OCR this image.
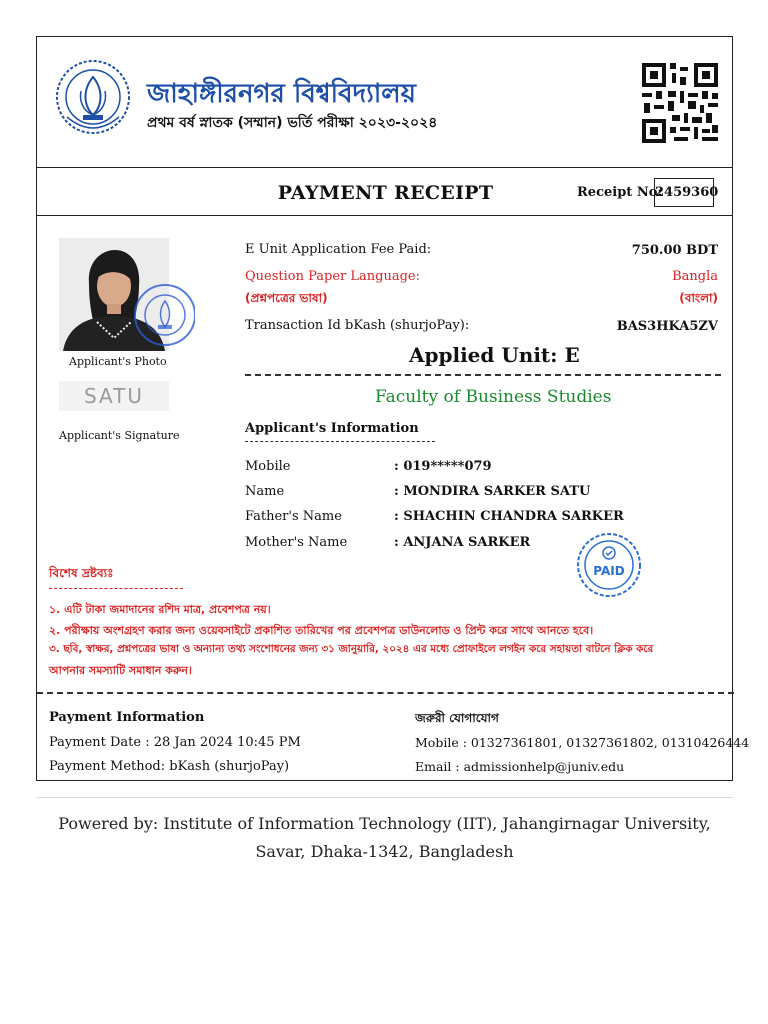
জাহাঙ্গীরনগর বিশ্ববিদ্যালয়
প্রথম বর্ষ স্নাতক (সম্মান) ভর্তি পরীক্ষা ২০২৩-২০২৪
PAYMENT RECEIPT	Receipt No:
2459360
Applicant's Photo
SATU
Applicant's Signature
E Unit Application Fee Paid:	750.00 BDT
Question Paper Language:	Bangla
(প্রশ্নপত্রের ভাষা)	(বাংলা)
Transaction Id bKash (shurjoPay):	BAS3HKA5ZV
Applied Unit: E
Faculty of Business Studies
Applicant's Information
Mobile	: 019*****079
Name	: MONDIRA SARKER SATU
Father's Name	: SHACHIN CHANDRA SARKER
Mother's Name	: ANJANA SARKER
PAID
বিশেষ দ্রষ্টব্যঃ
১. এটি টাকা জমাদানের রশিদ মাত্র, প্রবেশপত্র নয়।
২. পরীক্ষায় অংশগ্রহণ করার জন্য ওয়েবসাইটে প্রকাশিত তারিখের পর প্রবেশপত্র ডাউনলোড ও প্রিন্ট করে সাথে আনতে হবে।
৩. ছবি, স্বাক্ষর, প্রশ্নপত্রের ভাষা ও অন্যান্য তথ্য সংশোধনের জন্য ৩১ জানুয়ারি, ২০২৪ এর মধ্যে প্রোফাইলে লগইন করে সহায়তা বাটনে ক্লিক করে
আপনার সমস্যাটি সমাধান করুন।
Payment Information
Payment Date : 28 Jan 2024 10:45 PM
Payment Method: bKash (shurjoPay)
জরুরী যোগাযোগ
Mobile : 01327361801, 01327361802, 01310426444
Email : admissionhelp@juniv.edu
Powered by: Institute of Information Technology (IIT), Jahangirnagar University,
Savar, Dhaka-1342, Bangladesh
